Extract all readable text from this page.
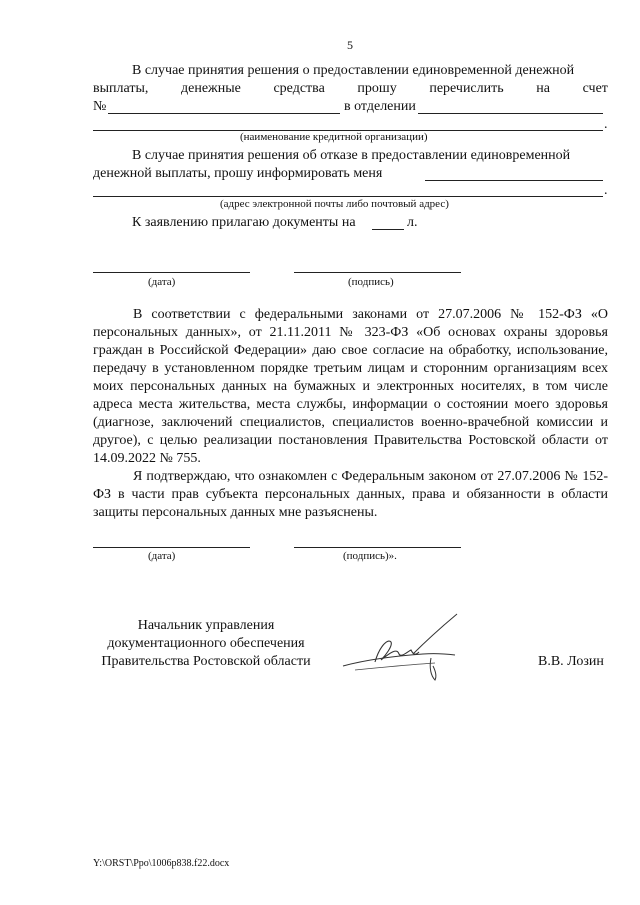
5
В случае принятия решения о предоставлении единовременной денежной
выплаты, денежные средства прошу перечислить на счет
№	в отделении
.
(наименование кредитной организации)
В случае принятия решения об отказе в предоставлении единовременной
денежной выплаты, прошу информировать меня
.
(адрес электронной почты либо почтовый адрес)
К заявлению прилагаю документы на	л.
(дата)	(подпись)

В соответствии с федеральными законами от 27.07.2006 № 152-ФЗ «О персональных данных», от 21.11.2011 № 323-ФЗ «Об основах охраны здоровья граждан в Российской Федерации» даю свое согласие на обработку, использование, передачу в установленном порядке третьим лицам и сторонним организациям всех моих персональных данных на бумажных и электронных носителях, в том числе адреса места жительства, места службы, информации о состоянии моего здоровья (диагнозе, заключений специалистов, специалистов военно-врачебной комиссии и другое), с целью реализации постановления Правительства Ростовской области от 14.09.2022 № 755.

Я подтверждаю, что ознакомлен с Федеральным законом от 27.07.2006 № 152-ФЗ в части прав субъекта персональных данных, права и обязанности в области защиты персональных данных мне разъяснены.

(дата)	(подпись)».
Начальник управления
документационного обеспечения
Правительства Ростовской области	В.В. Лозин
Y:\ORST\Ppo\1006p838.f22.docx
